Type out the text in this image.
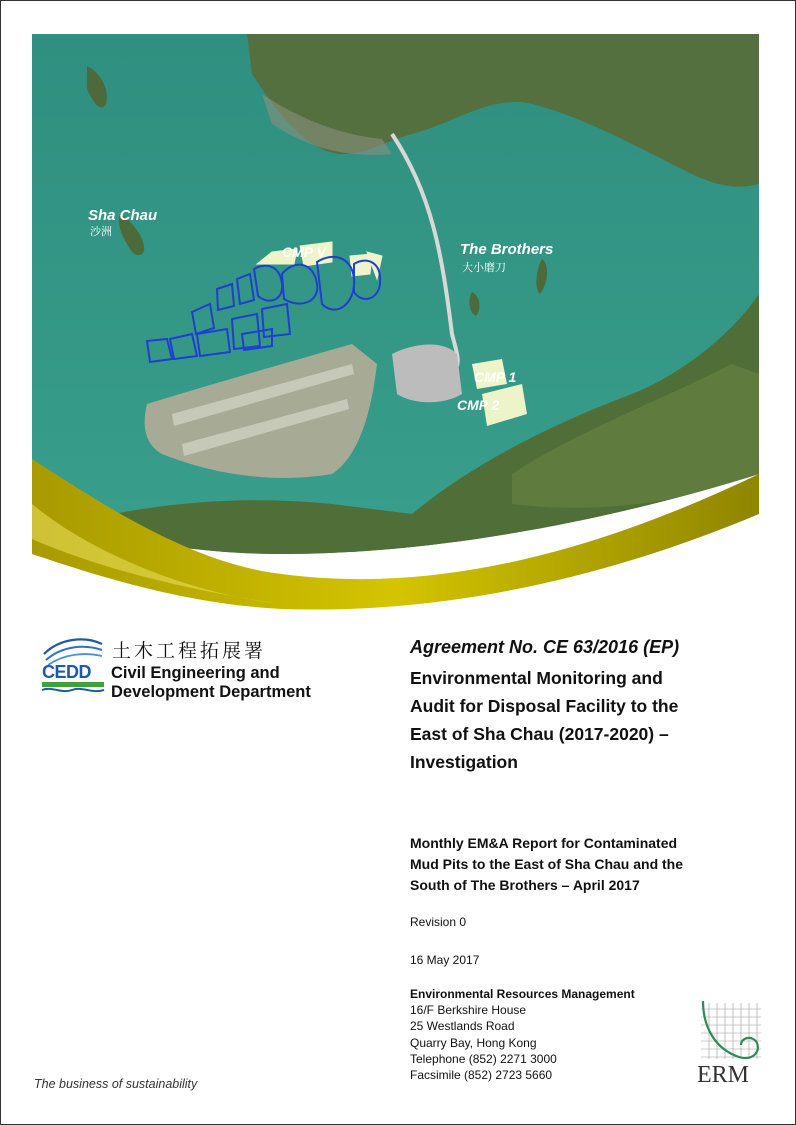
Sha Chau
沙洲
CMP V	The Brothers
大小磨刀
CMP 1
CMP 2
CEDD
土木工程拓展署
Civil Engineering and
Development Department
Agreement No. CE 63/2016 (EP)
Environmental Monitoring and
Audit for Disposal Facility to the
East of Sha Chau (2017-2020) –
Investigation
Monthly EM&A Report for Contaminated
Mud Pits to the East of Sha Chau and the
South of The Brothers – April 2017
Revision 0
16 May 2017
Environmental Resources Management
16/F Berkshire House
25 Westlands Road
Quarry Bay, Hong Kong
Telephone (852) 2271 3000
Facsimile (852) 2723 5660	ERM
The business of sustainability
